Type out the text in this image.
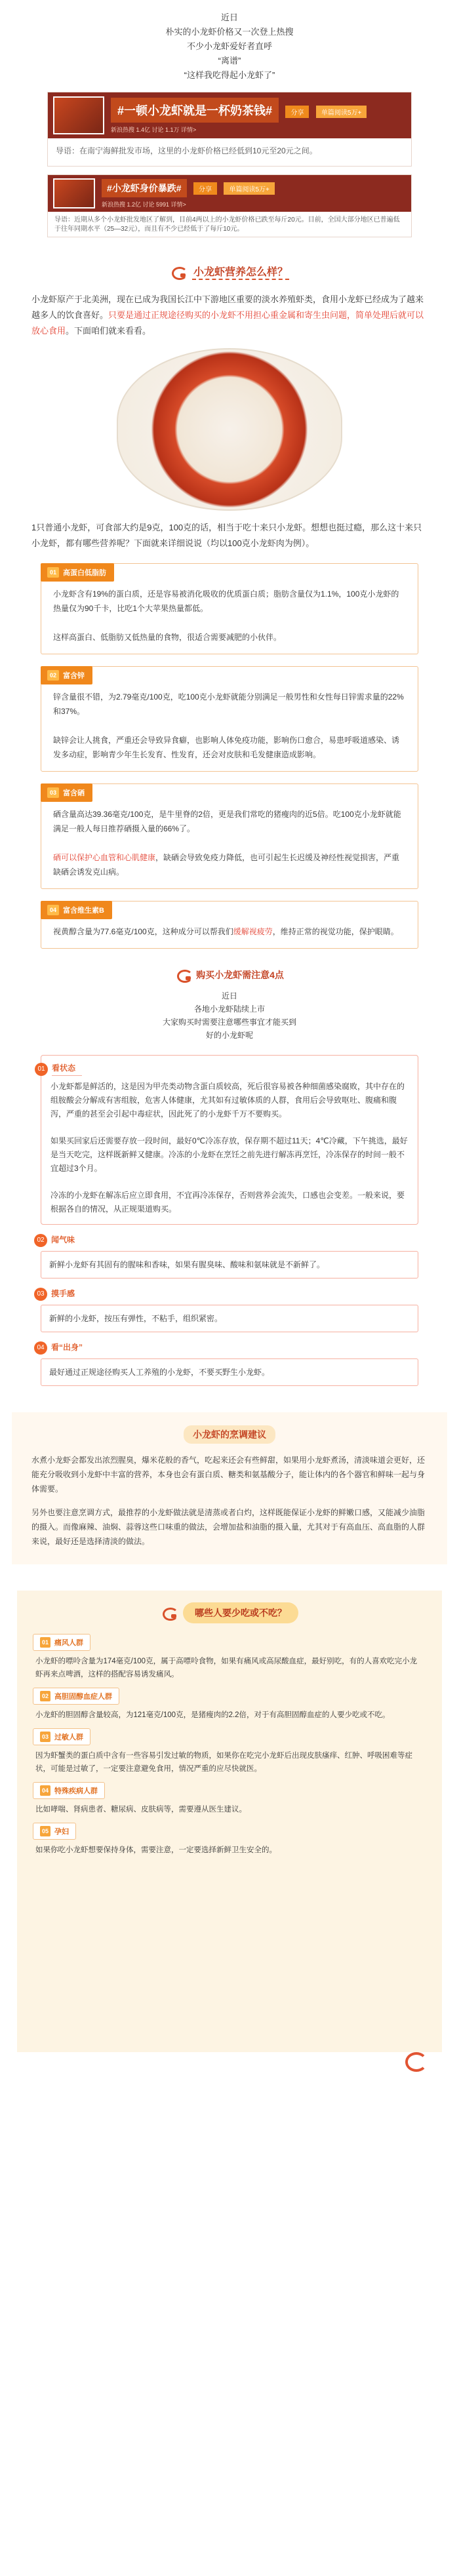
近日

朴实的小龙虾价格又一次登上热搜

不少小龙虾爱好者直呼

“离谱”

“这样我吃得起小龙虾了”

#一顿小龙虾就是一杯奶茶钱#	分享	单篇阅读5万+
新浪热搜 1.4亿 讨论 1.1万 详情>
导语：在南宁海鲜批发市场，这里的小龙虾价格已经低到10元至20元之间。
#小龙虾身价暴跌#	分享	单篇阅读5万+
新浪热搜 1.2亿 讨论 5991 详情>
导语：近期从多个小龙虾批发地区了解到，目前4两以上的小龙虾价格已跌至每斤20元。目前，全国大部分地区已普遍低于往年同期水平（25—32元），而且有不少已经低于了每斤10元。
小龙虾营养怎么样？

小龙虾原产于北美洲，现在已成为我国长江中下游地区重要的淡水养殖虾类，食用小龙虾已经成为了越来越多人的饮食喜好。只要是通过正规途径购买的小龙虾不用担心重金属和寄生虫问题，简单处理后就可以放心食用。下面咱们就来看看。

1只普通小龙虾，可食部大约是9克，100克的话，相当于吃十来只小龙虾。想想也挺过瘾，那么这十来只小龙虾，都有哪些营养呢？下面就来详细说说（均以100克小龙虾肉为例）。

01 高蛋白低脂肪

小龙虾含有19%的蛋白质，还是容易被消化吸收的优质蛋白质；脂肪含量仅为1.1%，100克小龙虾的热量仅为90千卡，比吃1个大苹果热量都低。

这样高蛋白、低脂肪又低热量的食物，很适合需要减肥的小伙伴。

02 富含锌

锌含量很不错，为2.79毫克/100克，吃100克小龙虾就能分别满足一般男性和女性每日锌需求量的22%和37%。

缺锌会让人挑食，严重还会导致异食癖，也影响人体免疫功能，影响伤口愈合，易患呼吸道感染、诱发多动症，影响青少年生长发育、性发育，还会对皮肤和毛发健康造成影响。

03 富含硒

硒含量高达39.36毫克/100克，是牛里脊的2倍，更是我们常吃的猪瘦肉的近5倍。吃100克小龙虾就能满足一般人每日推荐硒摄入量的66%了。

硒可以保护心血管和心肌健康，缺硒会导致免疫力降低，也可引起生长迟缓及神经性视觉损害，严重缺硒会诱发克山病。

04 富含维生素B

视黄醇含量为77.6毫克/100克，这种成分可以帮我们缓解视疲劳，维持正常的视觉功能，保护眼睛。

购买小龙虾需注意4点
近日
各地小龙虾陆续上市
大家购买时需要注意哪些事宜才能买到
好的小龙虾呢
01 看状态

小龙虾都是鲜活的，这是因为甲壳类动物含蛋白质较高，死后很容易被各种细菌感染腐败，其中存在的组胺酸会分解成有害组胺，危害人体健康，尤其如有过敏体质的人群，食用后会导致呕吐、腹痛和腹泻，严重的甚至会引起中毒症状，因此死了的小龙虾千万不要购买。

如果买回家后还需要存放一段时间，最好0℃冷冻存放，保存期不超过11天；4℃冷藏，下午挑选，最好是当天吃完，这样既新鲜又健康。冷冻的小龙虾在烹饪之前先进行解冻再烹饪，冷冻保存的时间一般不宜超过3个月。

冷冻的小龙虾在解冻后应立即食用，不宜再冷冻保存，否则营养会流失，口感也会变差。一般来说，要根据各自的情况，从正规渠道购买。

02 闻气味
新鲜小龙虾有其固有的腥味和香味，如果有腥臭味、酸味和氨味就是不新鲜了。
03 摸手感
新鲜的小龙虾，按压有弹性，不粘手，组织紧密。
04 看“出身”
最好通过正规途径购买人工养殖的小龙虾，不要买野生小龙虾。
小龙虾的烹调建议

水煮小龙虾会都发出浓烈腥臭，爆米花般的香气，吃起来还会有些鲜甜，如果用小龙虾煮汤，清淡味道会更好，还能充分吸收到小龙虾中丰富的营养，本身也会有蛋白质、糖类和氨基酸分子，能让体内的各个器官和鲜味一起与身体需要。

另外也要注意烹调方式，最推荐的小龙虾做法就是清蒸或者白灼，这样既能保证小龙虾的鲜嫩口感，又能减少油脂的摄入。而像麻辣、油焖、蒜蓉这些口味重的做法，会增加盐和油脂的摄入量，尤其对于有高血压、高血脂的人群来说，最好还是选择清淡的做法。

哪些人要少吃或不吃？
01 痛风人群

小龙虾的嘌呤含量为174毫克/100克，属于高嘌呤食物，如果有痛风或高尿酸血症，最好别吃，有的人喜欢吃完小龙虾再来点啤酒，这样的搭配容易诱发痛风。

02 高胆固醇血症人群

小龙虾的胆固醇含量较高，为121毫克/100克，是猪瘦肉的2.2倍，对于有高胆固醇血症的人要少吃或不吃。

03 过敏人群

因为虾蟹类的蛋白质中含有一些容易引发过敏的物质，如果你在吃完小龙虾后出现皮肤瘙痒、红肿、呼吸困难等症状，可能是过敏了，一定要注意避免食用，情况严重的应尽快就医。

04 特殊疾病人群

比如哮喘、肾病患者、糖尿病、皮肤病等，需要遵从医生建议。

05 孕妇

如果你吃小龙虾想要保持身体，需要注意，一定要选择新鲜卫生安全的。
